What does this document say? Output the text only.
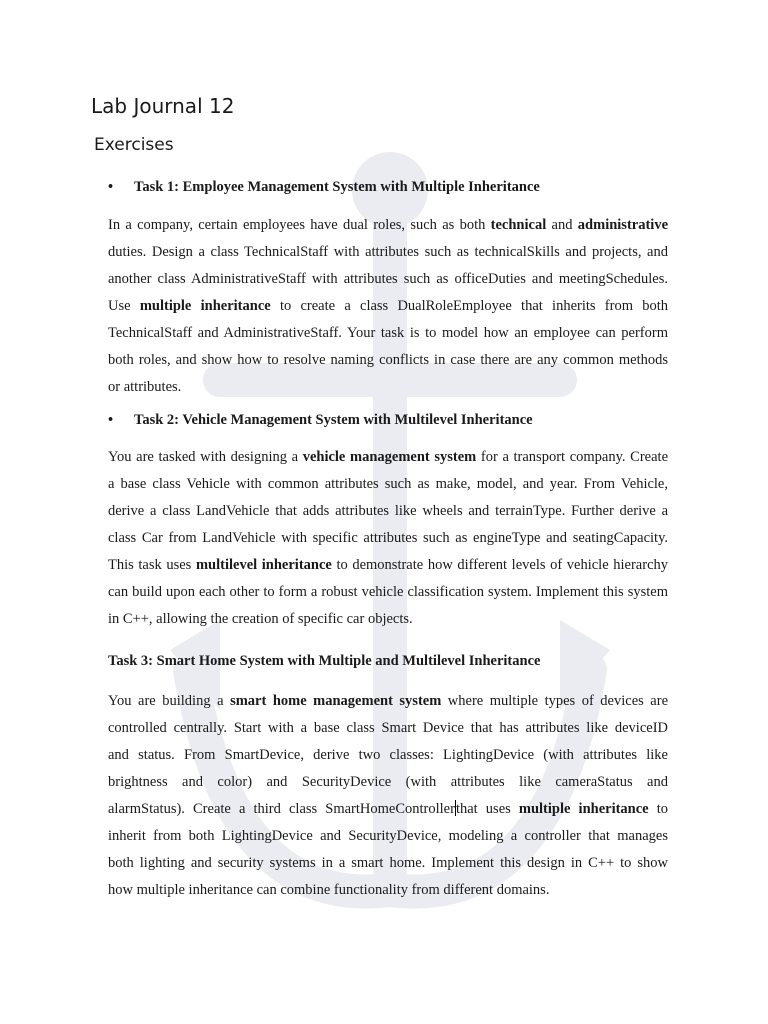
Lab Journal 12
Exercises
• Task 1: Employee Management System with Multiple Inheritance
In a company, certain employees have dual roles, such as both technical and administrative
duties. Design a class TechnicalStaff with attributes such as technicalSkills and projects, and
another class AdministrativeStaff with attributes such as officeDuties and meetingSchedules.
Use multiple inheritance to create a class DualRoleEmployee that inherits from both
TechnicalStaff and AdministrativeStaff. Your task is to model how an employee can perform
both roles, and show how to resolve naming conflicts in case there are any common methods
or attributes.
• Task 2: Vehicle Management System with Multilevel Inheritance
You are tasked with designing a vehicle management system for a transport company. Create
a base class Vehicle with common attributes such as make, model, and year. From Vehicle,
derive a class LandVehicle that adds attributes like wheels and terrainType. Further derive a
class Car from LandVehicle with specific attributes such as engineType and seatingCapacity.
This task uses multilevel inheritance to demonstrate how different levels of vehicle hierarchy
can build upon each other to form a robust vehicle classification system. Implement this system
in C++, allowing the creation of specific car objects.
Task 3: Smart Home System with Multiple and Multilevel Inheritance
You are building a smart home management system where multiple types of devices are
controlled centrally. Start with a base class Smart Device that has attributes like deviceID
and status. From SmartDevice, derive two classes: LightingDevice (with attributes like
brightness and color) and SecurityDevice (with attributes like cameraStatus and
alarmStatus). Create a third class SmartHomeControllerthat uses multiple inheritance to
inherit from both LightingDevice and SecurityDevice, modeling a controller that manages
both lighting and security systems in a smart home. Implement this design in C++ to show
how multiple inheritance can combine functionality from different domains.
